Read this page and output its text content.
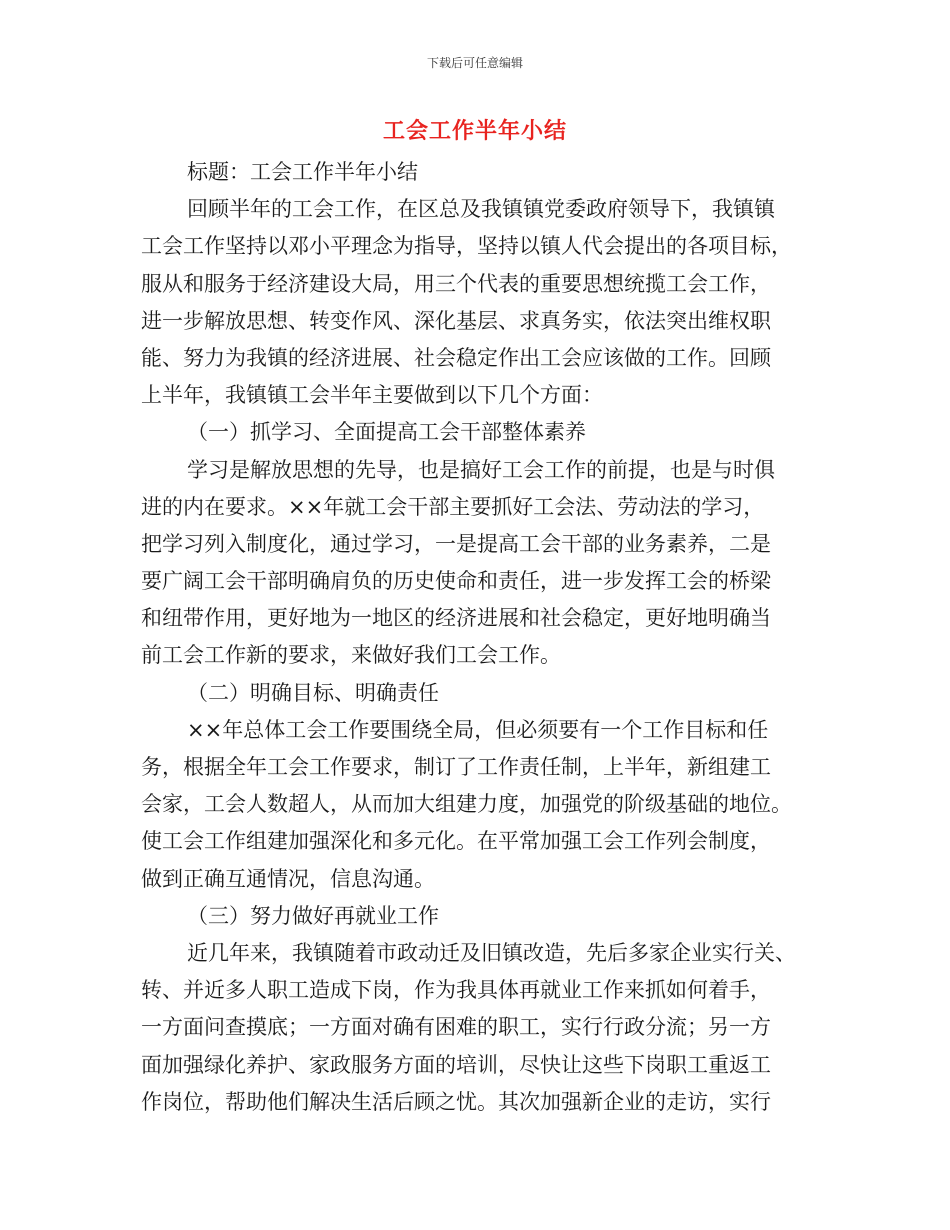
下载后可任意编辑
工会工作半年小结
标题：工会工作半年小结
回顾半年的工会工作，在区总及我镇镇党委政府领导下，我镇镇
工会工作坚持以邓小平理念为指导，坚持以镇人代会提出的各项目标，
服从和服务于经济建设大局，用三个代表的重要思想统揽工会工作，
进一步解放思想、转变作风、深化基层、求真务实，依法突出维权职
能、努力为我镇的经济进展、社会稳定作出工会应该做的工作。回顾
上半年，我镇镇工会半年主要做到以下几个方面：
（一）抓学习、全面提高工会干部整体素养
学习是解放思想的先导，也是搞好工会工作的前提，也是与时俱
进的内在要求。××年就工会干部主要抓好工会法、劳动法的学习，
把学习列入制度化，通过学习，一是提高工会干部的业务素养，二是
要广阔工会干部明确肩负的历史使命和责任，进一步发挥工会的桥梁
和纽带作用，更好地为一地区的经济进展和社会稳定，更好地明确当
前工会工作新的要求，来做好我们工会工作。
（二）明确目标、明确责任
××年总体工会工作要围绕全局，但必须要有一个工作目标和任
务，根据全年工会工作要求，制订了工作责任制，上半年，新组建工
会家，工会人数超人，从而加大组建力度，加强党的阶级基础的地位。
使工会工作组建加强深化和多元化。在平常加强工会工作列会制度，
做到正确互通情况，信息沟通。
（三）努力做好再就业工作
近几年来，我镇随着市政动迁及旧镇改造，先后多家企业实行关、
转、并近多人职工造成下岗，作为我具体再就业工作来抓如何着手，
一方面问查摸底；一方面对确有困难的职工，实行行政分流；另一方
面加强绿化养护、家政服务方面的培训，尽快让这些下岗职工重返工
作岗位，帮助他们解决生活后顾之忧。其次加强新企业的走访，实行
